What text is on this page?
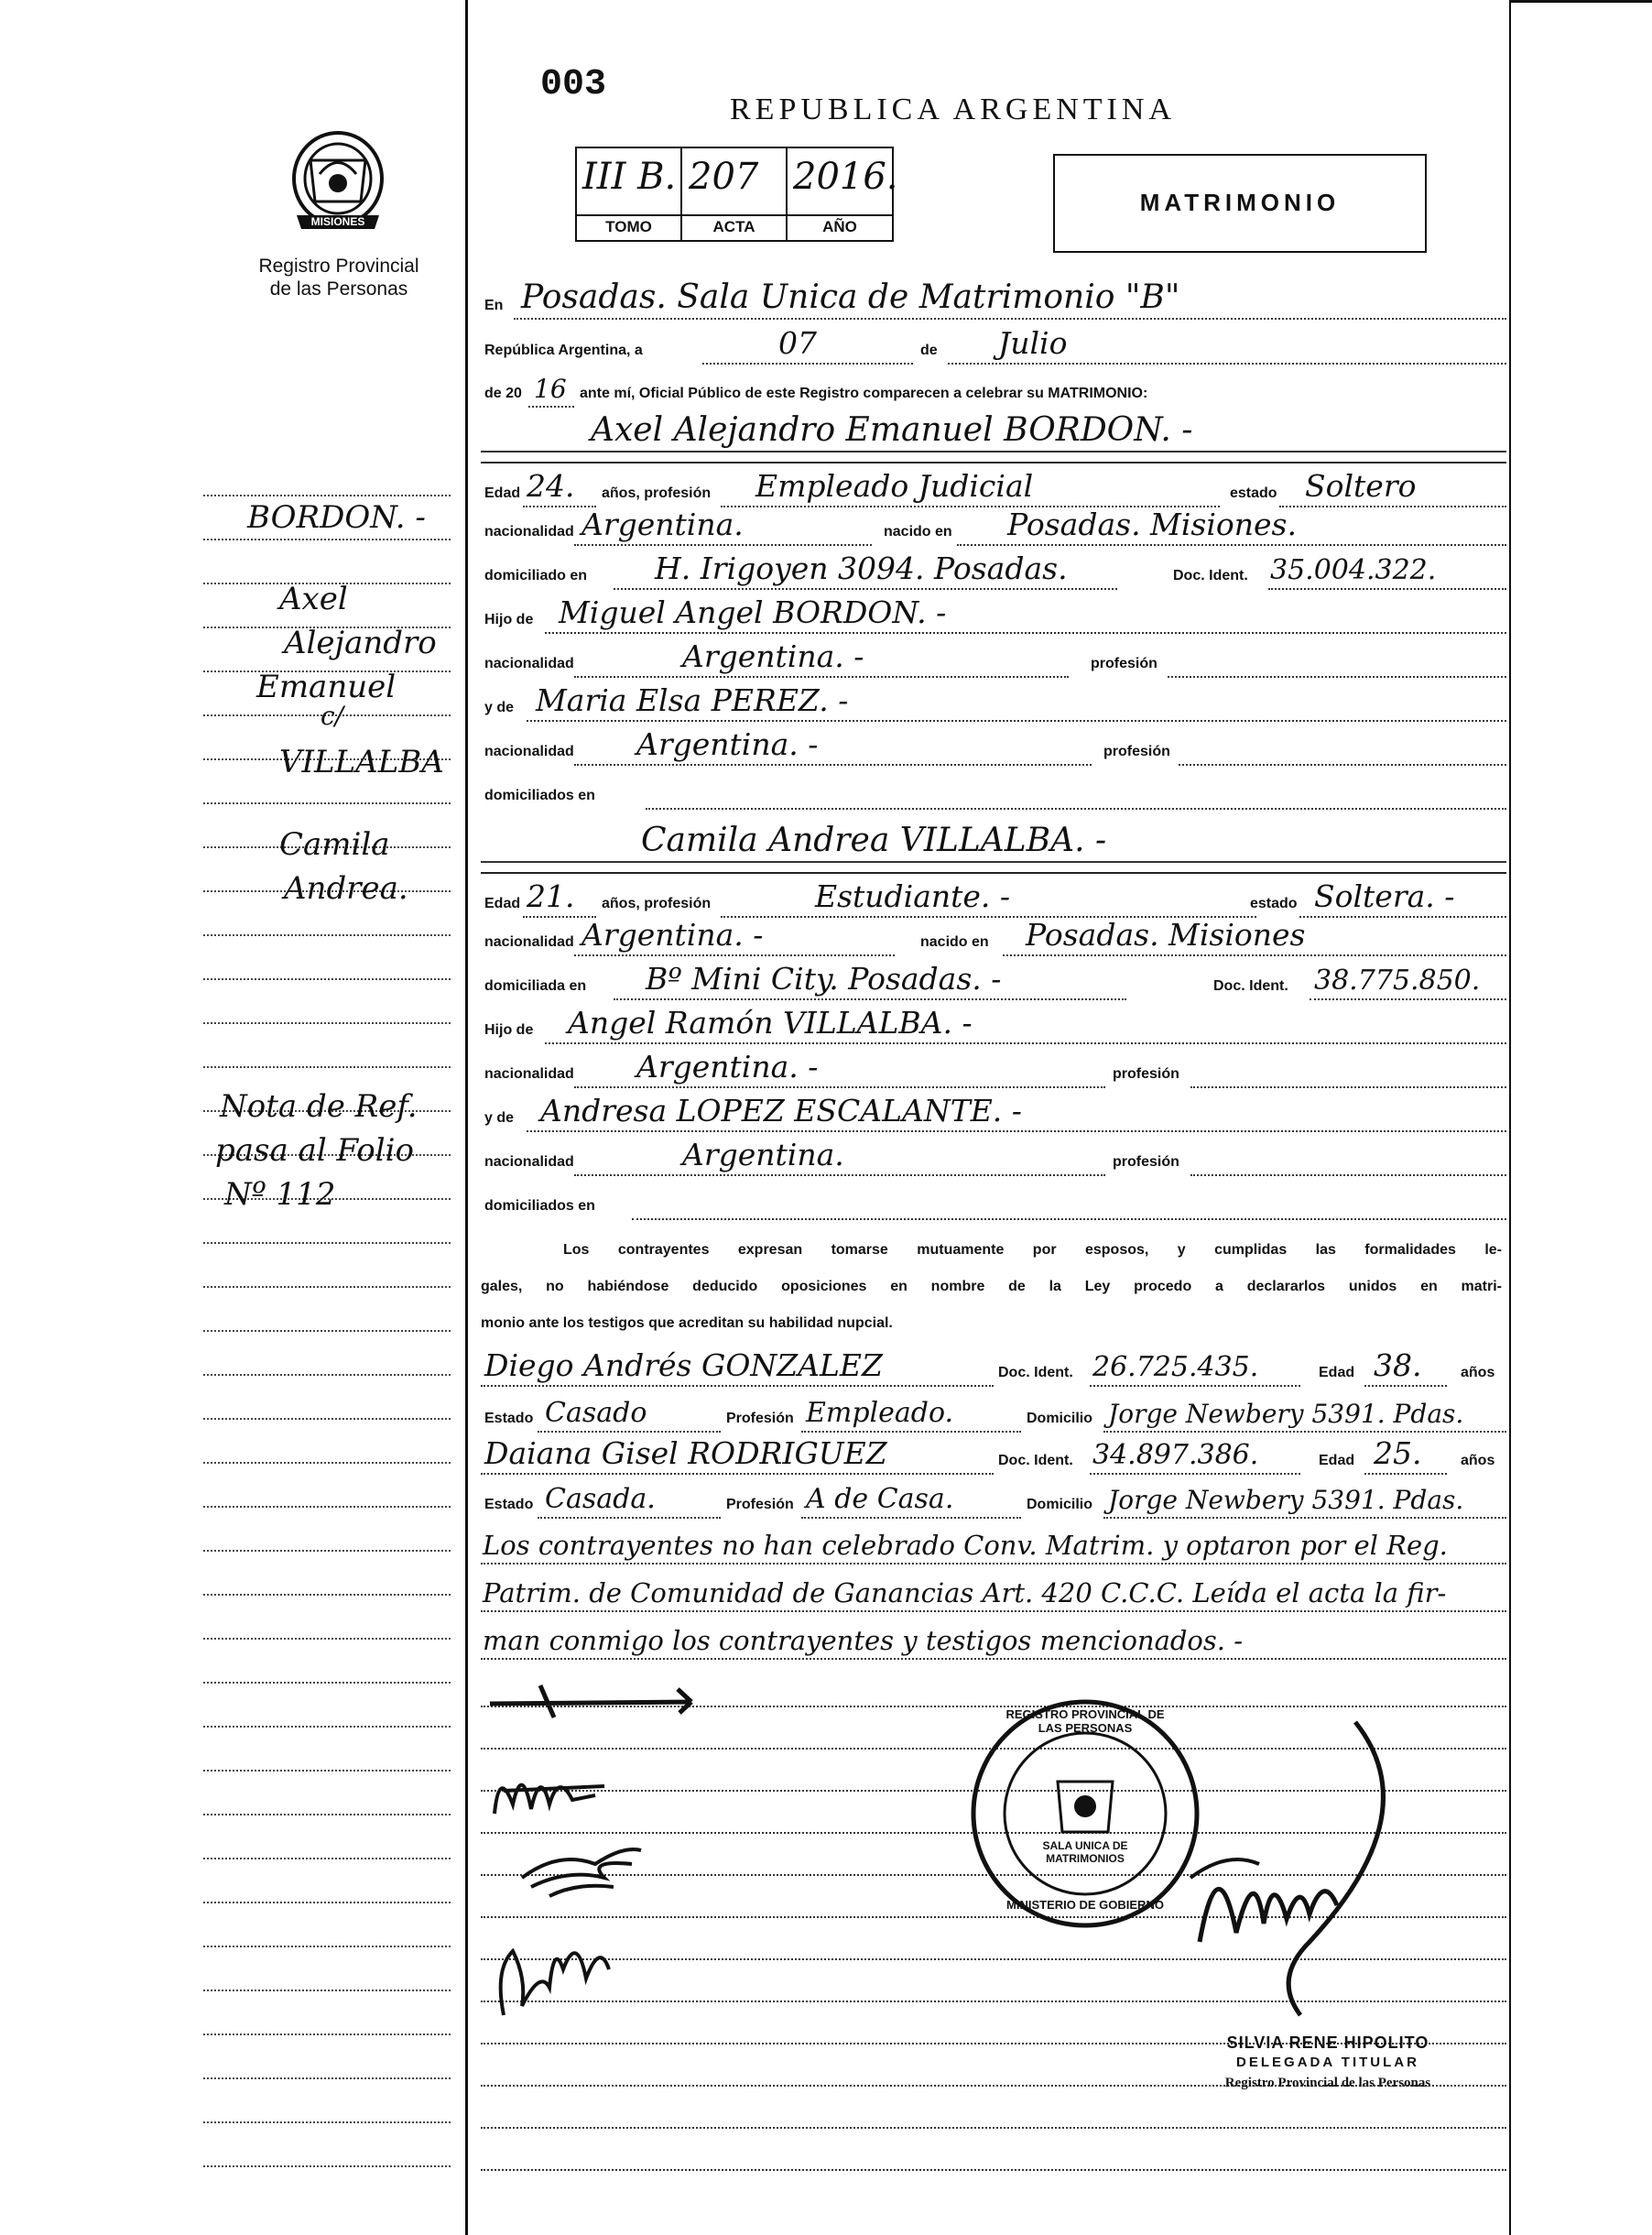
MISIONES
Registro Provincial
de las Personas
003
REPUBLICA ARGENTINA
III B. 207 2016.
TOMO	ACTA	AÑO
MATRIMONIO
En Posadas. Sala Unica de Matrimonio "B"
República Argentina, a	07	de Julio
de 20 16 ante mí, Oficial Público de este Registro comparecen a celebrar su MATRIMONIO:
Axel Alejandro Emanuel BORDON. -
Edad 24. años, profesión Empleado Judicial	estado Soltero
nacionalidad Argentina.	nacido en Posadas. Misiones.
domiciliado en H. Irigoyen 3094. Posadas.	Doc. Ident. 35.004.322.
Hijo de Miguel Angel BORDON. -
nacionalidad	Argentina. -	profesión
y de Maria Elsa PEREZ. -
nacionalidad Argentina. -	profesión
domiciliados en
Camila Andrea VILLALBA. -
Edad 21. años, profesión	Estudiante. -	estado Soltera. -
nacionalidad Argentina. -	nacido en Posadas. Misiones
domiciliada en Bº Mini City. Posadas. -	Doc. Ident. 38.775.850.
Hijo de Angel Ramón VILLALBA. -
nacionalidad Argentina. -	profesión
y de Andresa LOPEZ ESCALANTE. -
nacionalidad	Argentina.	profesión
domiciliados en
Los contrayentes expresan tomarse mutuamente por esposos, y cumplidas las formalidades le-
gales, no habiéndose deducido oposiciones en nombre de la Ley procedo a declararlos unidos en matri-
monio ante los testigos que acreditan su habilidad nupcial.
Diego Andrés GONZALEZ	Doc. Ident. 26.725.435.	Edad 38.	años
Estado Casado	Profesión Empleado.	Domicilio Jorge Newbery 5391. Pdas.
Daiana Gisel RODRIGUEZ	Doc. Ident. 34.897.386.	Edad 25.	años
Estado Casada.	Profesión A de Casa.	Domicilio Jorge Newbery 5391. Pdas.
Los contrayentes no han celebrado Conv. Matrim. y optaron por el Reg.
Patrim. de Comunidad de Ganancias Art. 420 C.C.C. Leída el acta la fir-
man conmigo los contrayentes y testigos mencionados. -
REGISTRO PROVINCIAL DE LAS PERSONAS
SALA UNICA DE MATRIMONIOS
MINISTERIO DE GOBIERNO
SILVIA RENE HIPOLITO
DELEGADA TITULAR
Registro Provincial de las Personas
BORDON. -
Axel
Alejandro
Emanuel
c/
VILLALBA
Camila
Andrea.
Nota de Ref.
pasa al Folio
Nº 112
